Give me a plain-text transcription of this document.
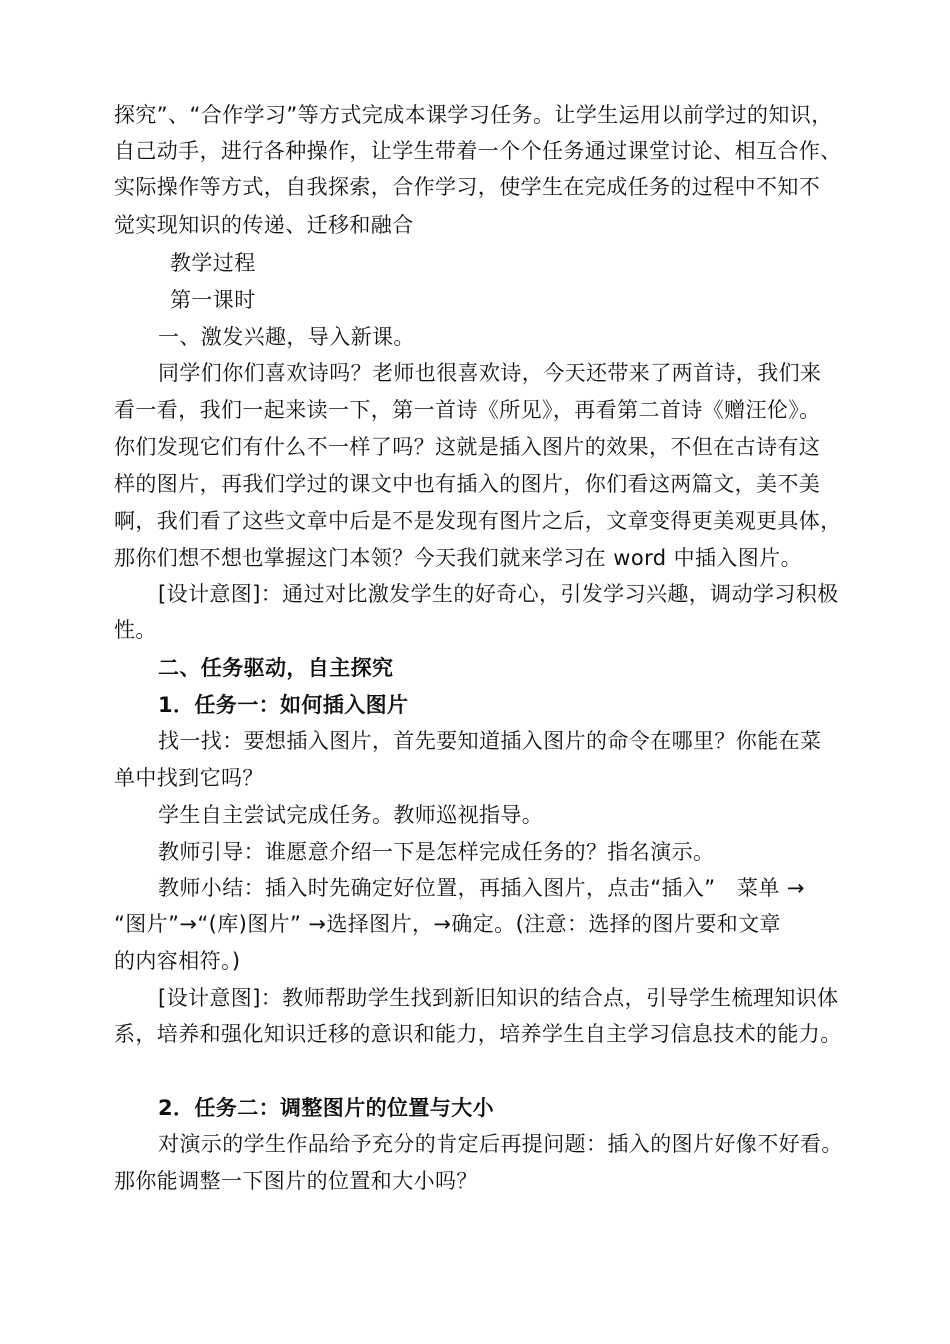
探究”、“合作学习”等方式完成本课学习任务。让学生运用以前学过的知识，
自己动手，进行各种操作，让学生带着一个个任务通过课堂讨论、相互合作、
实际操作等方式，自我探索，合作学习，使学生在完成任务的过程中不知不
觉实现知识的传递、迁移和融合
教学过程
第一课时
一、激发兴趣，导入新课。
同学们你们喜欢诗吗？老师也很喜欢诗，今天还带来了两首诗，我们来
看一看，我们一起来读一下，第一首诗《所见》，再看第二首诗《赠汪伦》。
你们发现它们有什么不一样了吗？这就是插入图片的效果，不但在古诗有这
样的图片，再我们学过的课文中也有插入的图片，你们看这两篇文，美不美
啊，我们看了这些文章中后是不是发现有图片之后，文章变得更美观更具体，
那你们想不想也掌握这门本领？今天我们就来学习在 word 中插入图片。
[设计意图]：通过对比激发学生的好奇心，引发学习兴趣，调动学习积极
性。
二、任务驱动，自主探究
1．任务一：如何插入图片
找一找：要想插入图片，首先要知道插入图片的命令在哪里？你能在菜
单中找到它吗？
学生自主尝试完成任务。教师巡视指导。
教师引导：谁愿意介绍一下是怎样完成任务的？指名演示。
教师小结：插入时先确定好位置，再插入图片，点击“插入”　菜单 →
“图片”→“(库)图片” →选择图片，→确定。(注意：选择的图片要和文章
的内容相符。)
[设计意图]：教师帮助学生找到新旧知识的结合点，引导学生梳理知识体
系，培养和强化知识迁移的意识和能力，培养学生自主学习信息技术的能力。
2．任务二：调整图片的位置与大小
对演示的学生作品给予充分的肯定后再提问题：插入的图片好像不好看。
那你能调整一下图片的位置和大小吗？
